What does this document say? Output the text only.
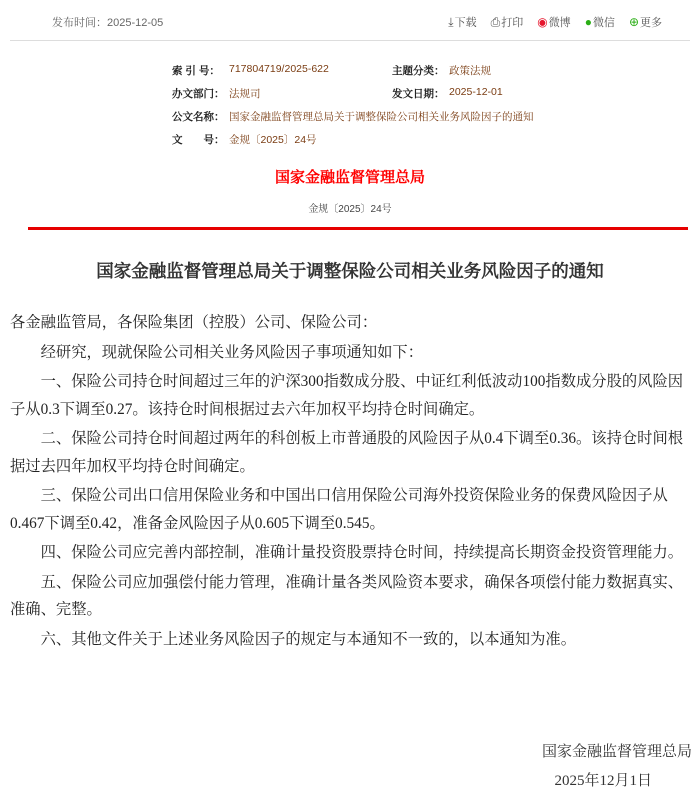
发布时间：2025-12-05	⤓下载 ⎙打印 ◉微博 ●微信 ⊕更多
索 引 号： 717804719/2025-622	主题分类： 政策法规
办文部门： 法规司	发文日期： 2025-12-01
公文名称： 国家金融监督管理总局关于调整保险公司相关业务风险因子的通知
文　　号： 金规〔2025〕24号
国家金融监督管理总局
金规〔2025〕24号
国家金融监督管理总局关于调整保险公司相关业务风险因子的通知

各金融监管局，各保险集团（控股）公司、保险公司：

经研究，现就保险公司相关业务风险因子事项通知如下：

一、保险公司持仓时间超过三年的沪深300指数成分股、中证红利低波动100指数成分股的风险因子从0.3下调至0.27。该持仓时间根据过去六年加权平均持仓时间确定。

二、保险公司持仓时间超过两年的科创板上市普通股的风险因子从0.4下调至0.36。该持仓时间根据过去四年加权平均持仓时间确定。

三、保险公司出口信用保险业务和中国出口信用保险公司海外投资保险业务的保费风险因子从0.467下调至0.42，准备金风险因子从0.605下调至0.545。

四、保险公司应完善内部控制，准确计量投资股票持仓时间，持续提高长期资金投资管理能力。

五、保险公司应加强偿付能力管理，准确计量各类风险资本要求，确保各项偿付能力数据真实、准确、完整。

六、其他文件关于上述业务风险因子的规定与本通知不一致的，以本通知为准。

国家金融监督管理总局
2025年12月1日
